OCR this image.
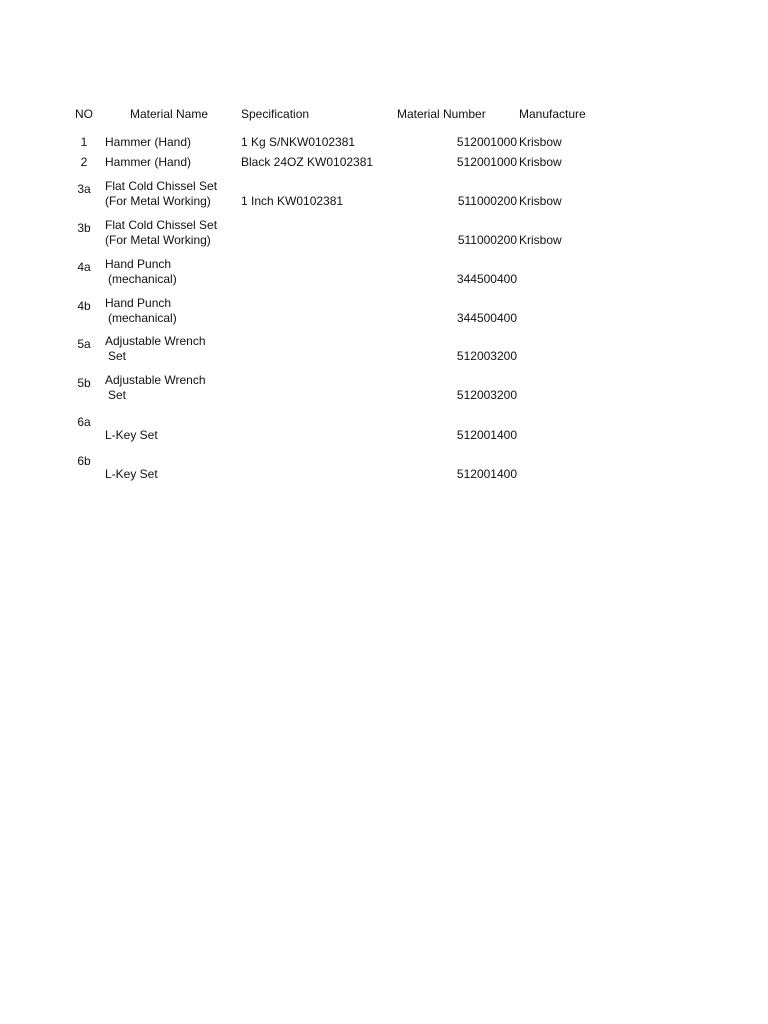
NO	Material Name	Specification	Material Number	Manufacture
1	Hammer (Hand)	1 Kg S/NKW0102381	512001000 Krisbow
2	Hammer (Hand)	Black 24OZ KW0102381	512001000 Krisbow
3a	Flat Cold Chissel Set
(For Metal Working)	1 Inch KW0102381	511000200 Krisbow
3b	Flat Cold Chissel Set
(For Metal Working)	511000200 Krisbow
4a	Hand Punch
(mechanical)	344500400
4b	Hand Punch
(mechanical)	344500400
5a	Adjustable Wrench
Set	512003200
5b	Adjustable Wrench
Set	512003200
6a
L-Key Set	512001400
6b
L-Key Set	512001400
